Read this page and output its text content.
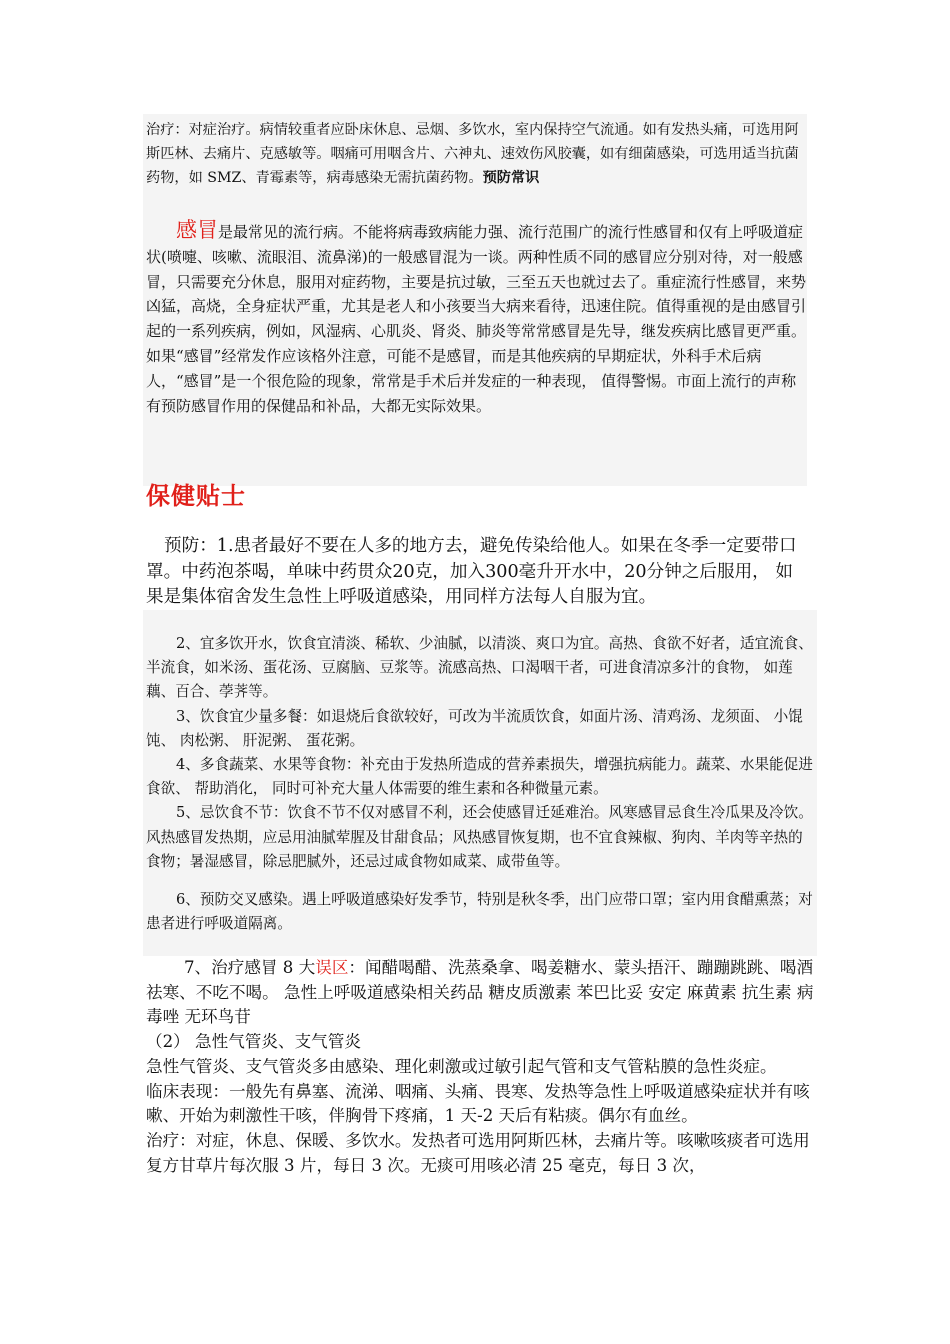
治疗：对症治疗。病情较重者应卧床休息、忌烟、多饮水，室内保持空气流通。如有发热头痛，可选用阿斯匹林、去痛片、克感敏等。咽痛可用咽含片、六神丸、速效伤风胶囊，如有细菌感染，可选用适当抗菌药物，如 SMZ、青霉素等，病毒感染无需抗菌药物。预防常识

感冒是最常见的流行病。不能将病毒致病能力强、流行范围广的流行性感冒和仅有上呼吸道症状(喷嚏、咳嗽、流眼泪、流鼻涕)的一般感冒混为一谈。两种性质不同的感冒应分别对待，对一般感冒，只需要充分休息，服用对症药物，主要是抗过敏，三至五天也就过去了。重症流行性感冒，来势凶猛，高烧，全身症状严重，尤其是老人和小孩要当大病来看待，迅速住院。值得重视的是由感冒引起的一系列疾病，例如，风湿病、心肌炎、肾炎、肺炎等常常感冒是先导，继发疾病比感冒更严重。如果“感冒”经常发作应该格外注意，可能不是感冒，而是其他疾病的早期症状，外科手术后病人，“感冒”是一个很危险的现象，常常是手术后并发症的一种表现， 值得警惕。市面上流行的声称有预防感冒作用的保健品和补品，大都无实际效果。

保健贴士

预防：1.患者最好不要在人多的地方去，避免传染给他人。如果在冬季一定要带口罩。中药泡茶喝，单味中药贯众20克，加入300毫升开水中，20分钟之后服用， 如果是集体宿舍发生急性上呼吸道感染，用同样方法每人自服为宜。

2、宜多饮开水，饮食宜清淡、稀软、少油腻，以清淡、爽口为宜。高热、食欲不好者，适宜流食、半流食，如米汤、蛋花汤、豆腐脑、豆浆等。流感高热、口渴咽干者，可进食清凉多汁的食物， 如莲藕、百合、荸荠等。

3、饮食宜少量多餐：如退烧后食欲较好，可改为半流质饮食，如面片汤、清鸡汤、龙须面、 小馄饨、 肉松粥、 肝泥粥、 蛋花粥。

4、多食蔬菜、水果等食物：补充由于发热所造成的营养素损失，增强抗病能力。蔬菜、水果能促进食欲、 帮助消化， 同时可补充大量人体需要的维生素和各种微量元素。

5、忌饮食不节：饮食不节不仅对感冒不利，还会使感冒迁延难治。风寒感冒忌食生冷瓜果及冷饮。风热感冒发热期，应忌用油腻荤腥及甘甜食品；风热感冒恢复期，也不宜食辣椒、狗肉、羊肉等辛热的食物；暑湿感冒，除忌肥腻外，还忌过咸食物如咸菜、咸带鱼等。

6、预防交叉感染。遇上呼吸道感染好发季节，特别是秋冬季，出门应带口罩；室内用食醋熏蒸；对患者进行呼吸道隔离。

7、治疗感冒 8 大误区：闻醋喝醋、洗蒸桑拿、喝姜糖水、蒙头捂汗、蹦蹦跳跳、喝酒祛寒、不吃不喝。 急性上呼吸道感染相关药品 糖皮质激素 苯巴比妥 安定 麻黄素 抗生素 病毒唑 无环鸟苷

（2） 急性气管炎、支气管炎

急性气管炎、支气管炎多由感染、理化刺激或过敏引起气管和支气管粘膜的急性炎症。

临床表现：一般先有鼻塞、流涕、咽痛、头痛、畏寒、发热等急性上呼吸道感染症状并有咳嗽、开始为刺激性干咳，伴胸骨下疼痛，1 天-2 天后有粘痰。偶尔有血丝。

治疗：对症，休息、保暖、多饮水。发热者可选用阿斯匹林，去痛片等。咳嗽咳痰者可选用复方甘草片每次服 3 片，每日 3 次。无痰可用咳必清 25 毫克，每日 3 次，
